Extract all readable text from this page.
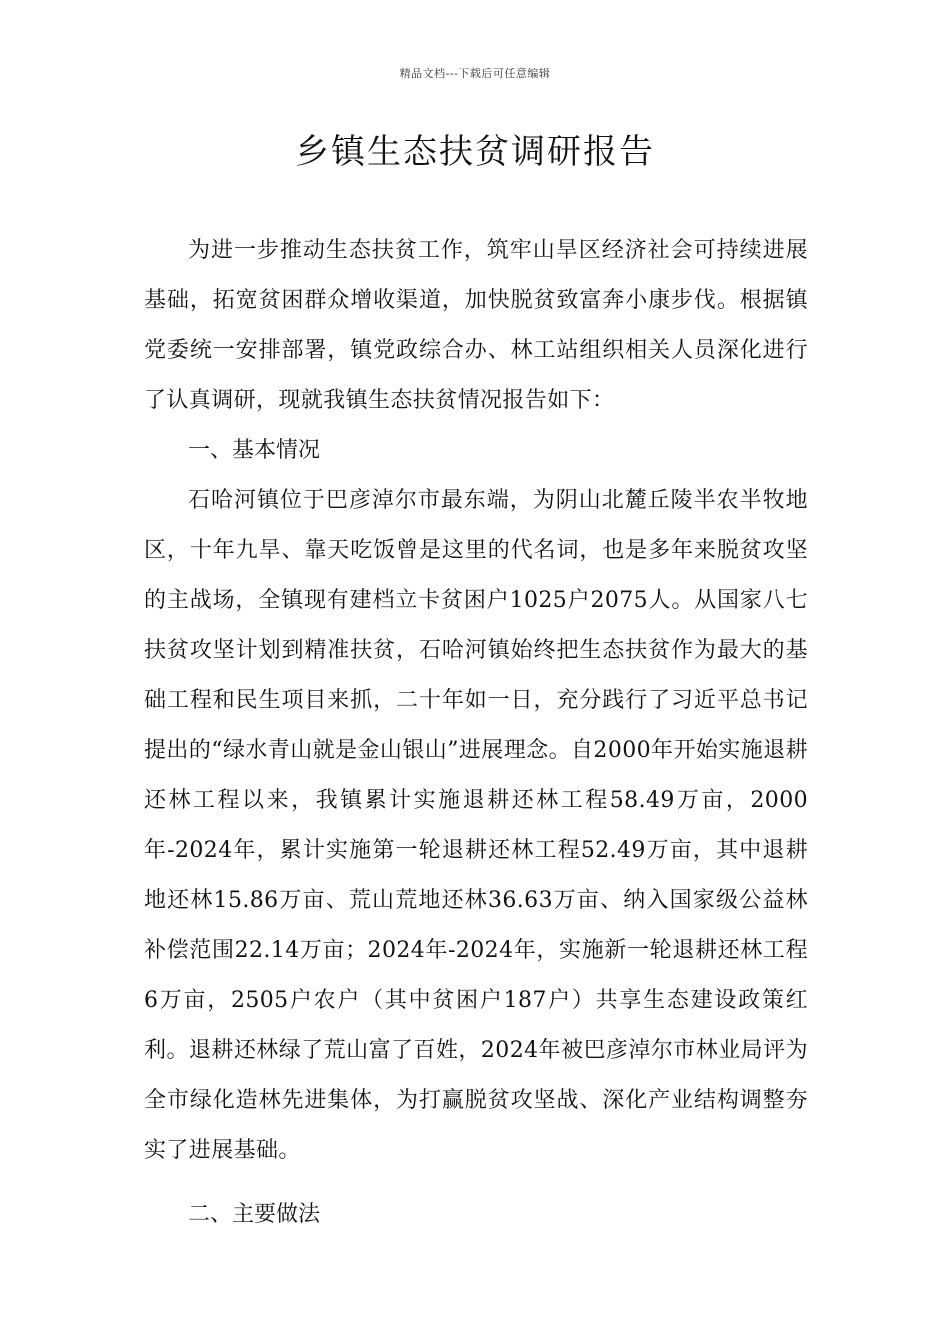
精品文档---下载后可任意编辑
乡镇生态扶贫调研报告

为进一步推动生态扶贫工作，筑牢山旱区经济社会可持续进展基础，拓宽贫困群众增收渠道，加快脱贫致富奔小康步伐。根据镇党委统一安排部署，镇党政综合办、林工站组织相关人员深化进行了认真调研，现就我镇生态扶贫情况报告如下：

一、基本情况

石哈河镇位于巴彦淖尔市最东端，为阴山北麓丘陵半农半牧地区，十年九旱、靠天吃饭曾是这里的代名词，也是多年来脱贫攻坚的主战场，全镇现有建档立卡贫困户1025户2075人。从国家八七扶贫攻坚计划到精准扶贫，石哈河镇始终把生态扶贫作为最大的基础工程和民生项目来抓，二十年如一日，充分践行了习近平总书记提出的“绿水青山就是金山银山”进展理念。自2000年开始实施退耕还林工程以来，我镇累计实施退耕还林工程58.49万亩，2000年-2024年，累计实施第一轮退耕还林工程52.49万亩，其中退耕地还林15.86万亩、荒山荒地还林36.63万亩、纳入国家级公益林补偿范围22.14万亩；2024年-2024年，实施新一轮退耕还林工程6万亩，2505户农户（其中贫困户187户）共享生态建设政策红利。退耕还林绿了荒山富了百姓，2024年被巴彦淖尔市林业局评为全市绿化造林先进集体，为打赢脱贫攻坚战、深化产业结构调整夯实了进展基础。

二、主要做法
